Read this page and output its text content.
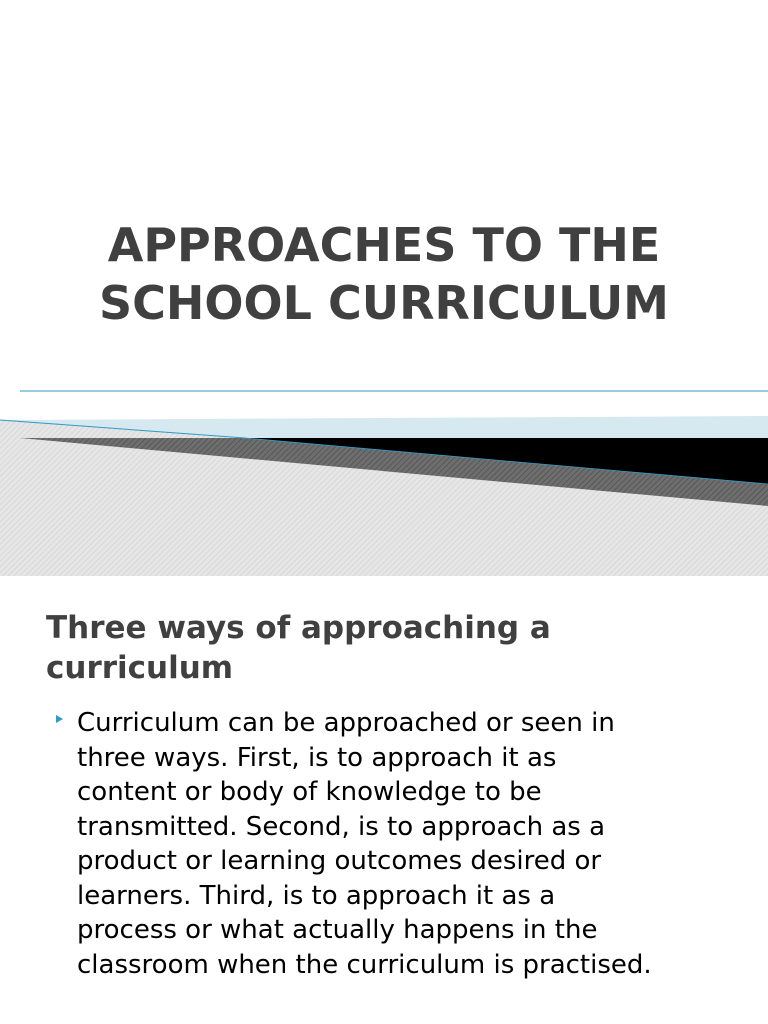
APPROACHES TO THE
SCHOOL CURRICULUM
Three ways of approaching a
curriculum
Curriculum can be approached or seen in
three ways. First, is to approach it as
content or body of knowledge to be
transmitted. Second, is to approach as a
product or learning outcomes desired or
learners. Third, is to approach it as a
process or what actually happens in the
classroom when the curriculum is practised.
